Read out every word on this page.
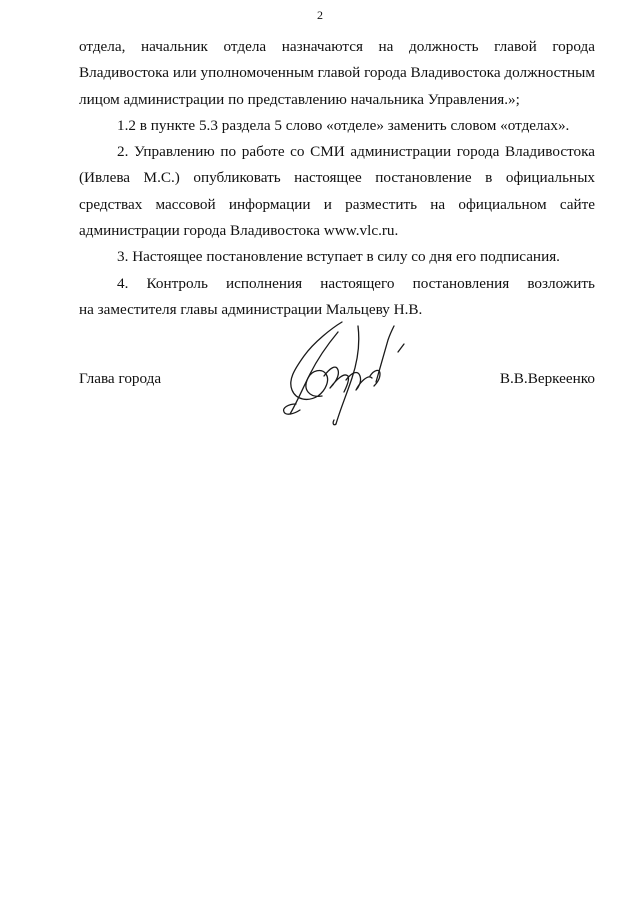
2

отдела, начальник отдела назначаются на должность главой города
Владивостока или уполномоченным главой города Владивостока должностным
лицом администрации по представлению начальника Управления.»;

1.2 в пункте 5.3 раздела 5 слово «отделе» заменить словом «отделах».

2. Управлению по работе со СМИ администрации города Владивостока
(Ивлева М.С.) опубликовать настоящее постановление в официальных
средствах массовой информации и разместить на официальном сайте
администрации города Владивостока www.vlc.ru.

3. Настоящее постановление вступает в силу со дня его подписания.

4. Контроль исполнения настоящего постановления возложить
на заместителя главы администрации Мальцеву Н.В.

Глава города	В.В.Веркеенко
